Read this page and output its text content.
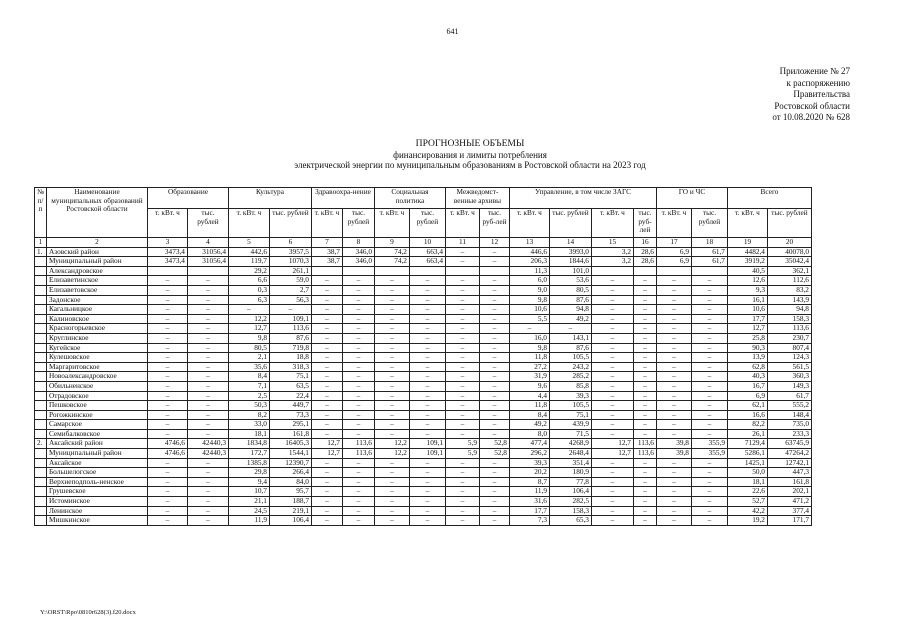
641
Приложение № 27
к распоряжению
Правительства
Ростовской области
от 10.08.2020 № 628
ПРОГНОЗНЫЕ ОБЪЕМЫ
финансирования и лимиты потребления
электрической энергии по муниципальным образованиям в Ростовской области на 2023 год
№ п/п	Наименование муниципальных образований Ростовской области	Образование		Культура		Здравоохра-нение		Социальная политика		Межведомст-венные архивы		Управление, в том числе ЗАГС				ГО и ЧС		Всего	
		т. кВт. ч	тыс. рублей	т. кВт. ч	тыс. рублей	т. кВт. ч	тыс. рублей	т. кВт. ч	тыс. рублей	т. кВт. ч	тыс. руб-лей	т. кВт. ч	тыс. рублей	т. кВт. ч	тыс. руб-лей	т. кВт. ч	тыс. рублей	т. кВт. ч	тыс. рублей
1	2	3	4	5	6	7	8	9	10	11	12	13	14	15	16	17	18	19	20
1.	Азовский район	3473,4	31056,4	442,6	3957,5	38,7	346,0	74,2	663,4	–	–	446,6	3993,0	3,2	28,6	6,9	61,7	4482,4	40078,0
	Муниципальный район	3473,4	31056,4	119,7	1070,3	38,7	346,0	74,2	663,4	–	–	206,3	1844,6	3,2	28,6	6,9	61,7	3919,2	35042,4
	Александровское			29,2	261,1							11,3	101,0					40,5	362,1
	Елизаветинское	–	–	6,6	59,0	–	–	–	–	–	–	6,0	53,6	–	–	–	–	12,6	112,6
	Елизаветовское	–	–	0,3	2,7	–	–	–	–	–	–	9,0	80,5	–	–	–	–	9,3	83,2
	Задонское	–	–	6,3	56,3	–	–	–	–	–	–	9,8	87,6	–	–	–	–	16,1	143,9
	Кагальницкое	–	–	–	–	–	–	–	–	–	–	10,6	94,8	–	–	–	–	10,6	94,8
	Калиновское	–	–	12,2	109,1	–	–	–	–	–	–	5,5	49,2	–	–	–	–	17,7	158,3
	Красногорьевское	–	–	12,7	113,6	–	–	–	–	–	–	–	–	–	–	–	–	12,7	113,6
	Круглинское	–	–	9,8	87,6	–	–	–	–	–	–	16,0	143,1	–	–	–	–	25,8	230,7
	Кугейское	–	–	80,5	719,8	–	–	–	–	–	–	9,8	87,6	–	–	–	–	90,3	807,4
	Кулешовское	–	–	2,1	18,8	–	–	–	–	–	–	11,8	105,5	–	–	–	–	13,9	124,3
	Маргаритовское	–	–	35,6	318,3	–	–	–	–	–	–	27,2	243,2	–	–	–	–	62,8	561,5
	Новоалександровское	–	–	8,4	75,1	–	–	–	–	–	–	31,9	285,2	–	–	–	–	40,3	360,3
	Обильненское	–	–	7,1	63,5	–	–	–	–	–	–	9,6	85,8	–	–	–	–	16,7	149,3
	Отрадовское	–	–	2,5	22,4	–	–	–	–	–	–	4,4	39,3	–	–	–	–	6,9	61,7
	Пешковское	–	–	50,3	449,7	–	–	–	–	–	–	11,8	105,5	–	–	–	–	62,1	555,2
	Рогожкинское	–	–	8,2	73,3	–	–	–	–	–	–	8,4	75,1	–	–	–	–	16,6	148,4
	Самарское	–	–	33,0	295,1	–	–	–	–	–	–	49,2	439,9	–	–	–	–	82,2	735,0
	Семибалковское	–	–	18,1	161,8	–	–	–	–	–	–	8,0	71,5	–	–	–	–	26,1	233,3
2.	Аксайский район	4746,6	42440,3	1834,8	16405,3	12,7	113,6	12,2	109,1	5,9	52,8	477,4	4268,9	12,7	113,6	39,8	355,9	7129,4	63745,9
	Муниципальный район	4746,6	42440,3	172,7	1544,1	12,7	113,6	12,2	109,1	5,9	52,8	296,2	2648,4	12,7	113,6	39,8	355,9	5286,1	47264,2
	Аксайское	–	–	1385,8	12390,7	–	–	–	–	–	–	39,3	351,4	–	–	–	–	1425,1	12742,1
	Большелогское	–	–	29,8	266,4	–	–	–	–	–	–	20,2	180,9	–	–	–	–	50,0	447,3
	Верхнеподполь-ненское	–	–	9,4	84,0	–	–	–	–	–	–	8,7	77,8	–	–	–	–	18,1	161,8
	Грушевское	–	–	10,7	95,7	–	–	–	–	–	–	11,9	106,4	–	–	–	–	22,6	202,1
	Истоминское	–	–	21,1	188,7	–	–	–	–	–	–	31,6	282,5	–	–	–	–	52,7	471,2
	Ленинское	–	–	24,5	219,1	–	–	–	–	–	–	17,7	158,3	–	–	–	–	42,2	377,4
	Мишкинское	–	–	11,9	106,4	–	–	–	–	–	–	7,3	65,3	–	–	–	–	19,2	171,7
Y:\ORST\Rpo\0810r628(3).f20.docx
